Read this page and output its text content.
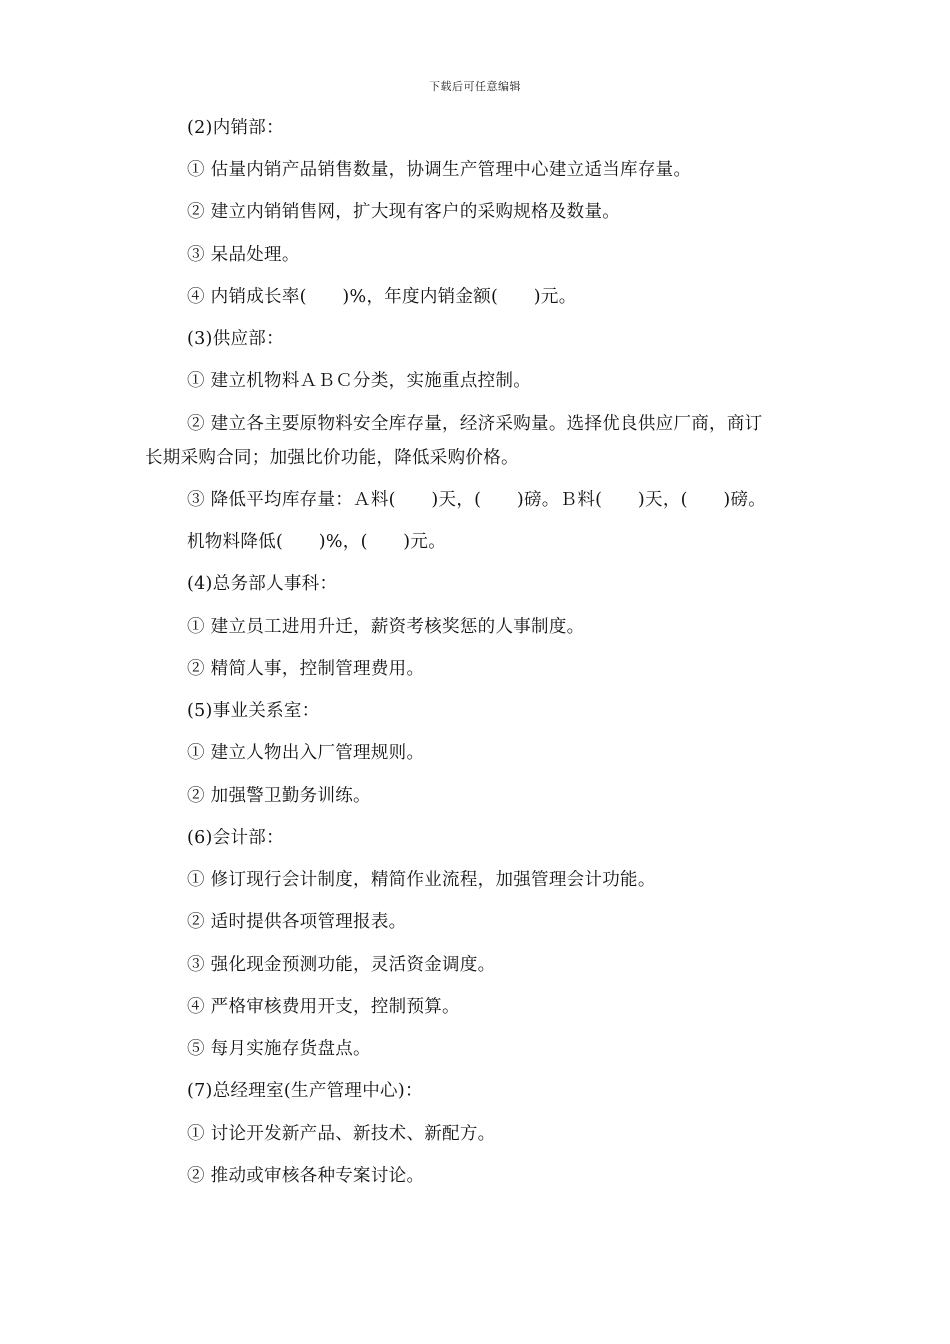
下载后可任意编辑
(2)内销部：
① 估量内销产品销售数量，协调生产管理中心建立适当库存量。
② 建立内销销售网，扩大现有客户的采购规格及数量。
③ 呆品处理。
④ 内销成长率(　　)%，年度内销金额(　　)元。
(3)供应部：
① 建立机物料ＡＢＣ分类，实施重点控制。
② 建立各主要原物料安全库存量，经济采购量。选择优良供应厂商，商订
长期采购合同；加强比价功能，降低采购价格。
③ 降低平均库存量：Ａ料(　　)天，(　　)磅。Ｂ料(　　)天，(　　)磅。
机物料降低(　　)%，(　　)元。
(4)总务部人事科：
① 建立员工进用升迁，薪资考核奖惩的人事制度。
② 精简人事，控制管理费用。
(5)事业关系室：
① 建立人物出入厂管理规则。
② 加强警卫勤务训练。
(6)会计部：
① 修订现行会计制度，精简作业流程，加强管理会计功能。
② 适时提供各项管理报表。
③ 强化现金预测功能，灵活资金调度。
④ 严格审核费用开支，控制预算。
⑤ 每月实施存货盘点。
(7)总经理室(生产管理中心)：
① 讨论开发新产品、新技术、新配方。
② 推动或审核各种专案讨论。
